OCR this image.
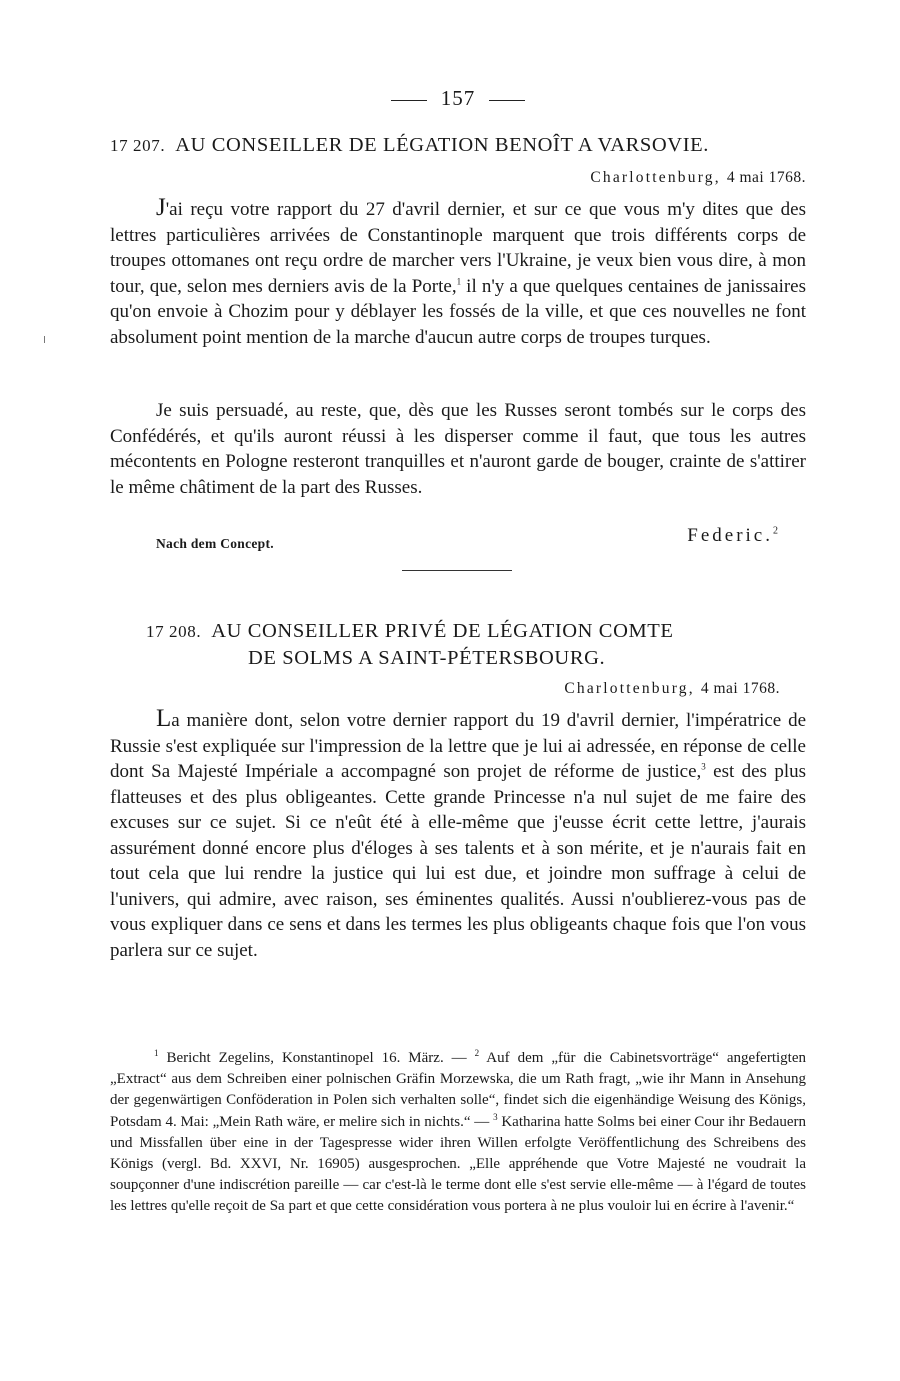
157
17 207. AU CONSEILLER DE LÉGATION BENOÎT A VARSOVIE.
Charlottenburg, 4 mai 1768.

J'ai reçu votre rapport du 27 d'avril dernier, et sur ce que vous m'y dites que des lettres particulières arrivées de Constantinople marquent que trois différents corps de troupes ottomanes ont reçu ordre de marcher vers l'Ukraine, je veux bien vous dire, à mon tour, que, selon mes derniers avis de la Porte,$^1$ il n'y a que quelques centaines de janissaires qu'on envoie à Chozim pour y déblayer les fossés de la ville, et que ces nouvelles ne font absolument point mention de la marche d'aucun autre corps de troupes turques.

Je suis persuadé, au reste, que, dès que les Russes seront tombés sur le corps des Confédérés, et qu'ils auront réussi à les disperser comme il faut, que tous les autres mécontents en Pologne resteront tranquilles et n'auront garde de bouger, crainte de s'attirer le même châtiment de la part des Russes.

Nach dem Concept.	Federic.$^2$
17 208. AU CONSEILLER PRIVÉ DE LÉGATION COMTE
DE SOLMS A SAINT-PÉTERSBOURG.
Charlottenburg, 4 mai 1768.

La manière dont, selon votre dernier rapport du 19 d'avril dernier, l'impératrice de Russie s'est expliquée sur l'impression de la lettre que je lui ai adressée, en réponse de celle dont Sa Majesté Impériale a accompagné son projet de réforme de justice,$^3$ est des plus flatteuses et des plus obligeantes. Cette grande Princesse n'a nul sujet de me faire des excuses sur ce sujet. Si ce n'eût été à elle-même que j'eusse écrit cette lettre, j'aurais assurément donné encore plus d'éloges à ses talents et à son mérite, et je n'aurais fait en tout cela que lui rendre la justice qui lui est due, et joindre mon suffrage à celui de l'univers, qui admire, avec raison, ses éminentes qualités. Aussi n'oublierez-vous pas de vous expliquer dans ce sens et dans les termes les plus obligeants chaque fois que l'on vous parlera sur ce sujet.

$^1$ Bericht Zegelins, Konstantinopel 16. März. — $^2$ Auf dem „für die Cabinetsvorträge“ angefertigten „Extract“ aus dem Schreiben einer polnischen Gräfin Morzewska, die um Rath fragt, „wie ihr Mann in Ansehung der gegenwärtigen Conföderation in Polen sich verhalten solle“, findet sich die eigenhändige Weisung des Königs, Potsdam 4. Mai: „Mein Rath wäre, er melire sich in nichts.“ — $^3$ Katharina hatte Solms bei einer Cour ihr Bedauern und Missfallen über eine in der Tagespresse wider ihren Willen erfolgte Veröffentlichung des Schreibens des Königs (vergl. Bd. XXVI, Nr. 16905) ausgesprochen. „Elle appréhende que Votre Majesté ne voudrait la soupçonner d'une indiscrétion pareille — car c'est-là le terme dont elle s'est servie elle-même — à l'égard de toutes les lettres qu'elle reçoit de Sa part et que cette considération vous portera à ne plus vouloir lui en écrire à l'avenir.“
